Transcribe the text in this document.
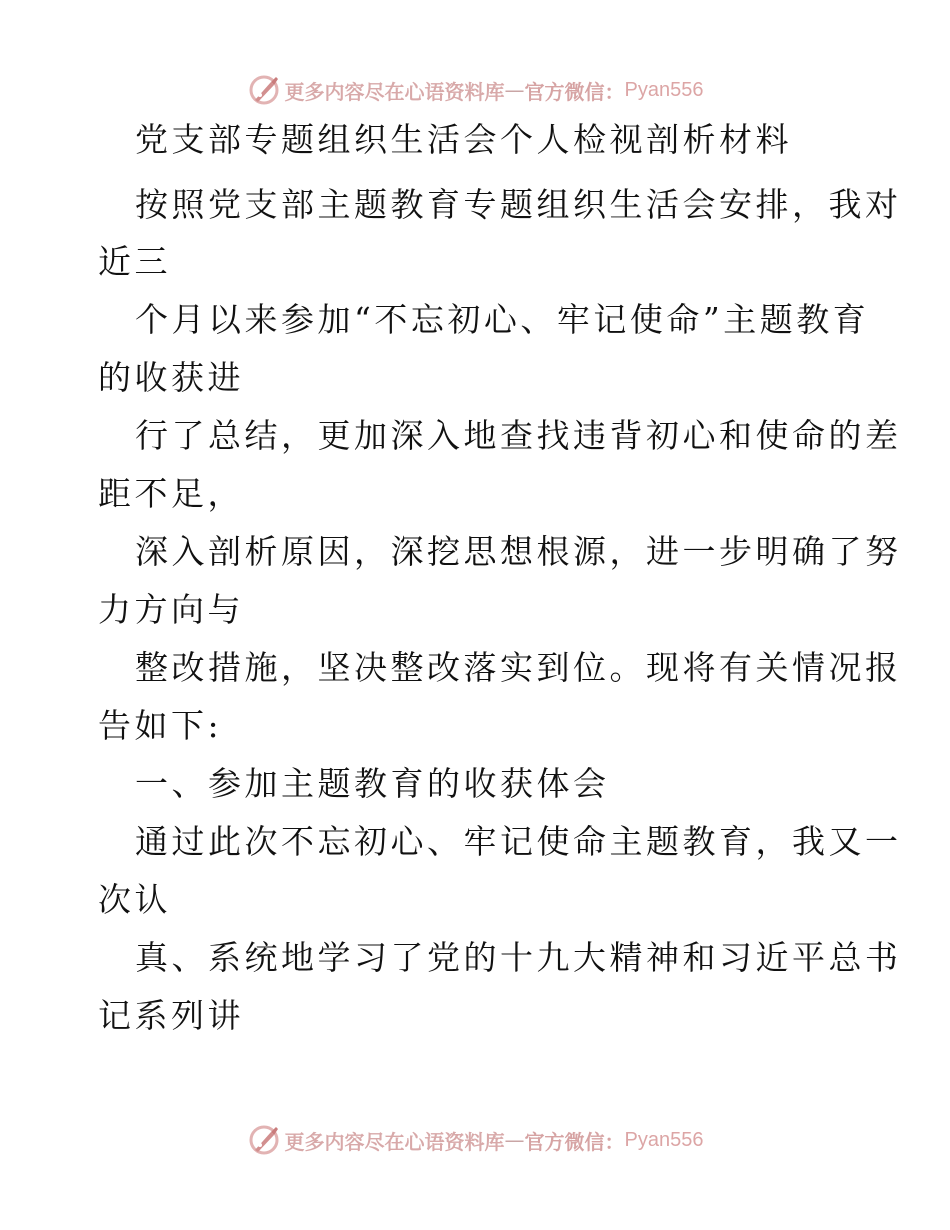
更多内容尽在心语资料库 — 官方微信： Pyan556
党支部专题组织生活会个人检视剖析材料
按照党支部主题教育专题组织生活会安排，我对
近三
个月以来参加“不忘初心、牢记使命”主题教育
的收获进
行了总结，更加深入地查找违背初心和使命的差
距不足，
深入剖析原因，深挖思想根源，进一步明确了努
力方向与
整改措施，坚决整改落实到位。现将有关情况报
告如下:
一、参加主题教育的收获体会
通过此次不忘初心、牢记使命主题教育，我又一
次认
真、系统地学习了党的十九大精神和习近平总书
记系列讲
更多内容尽在心语资料库 — 官方微信： Pyan556
